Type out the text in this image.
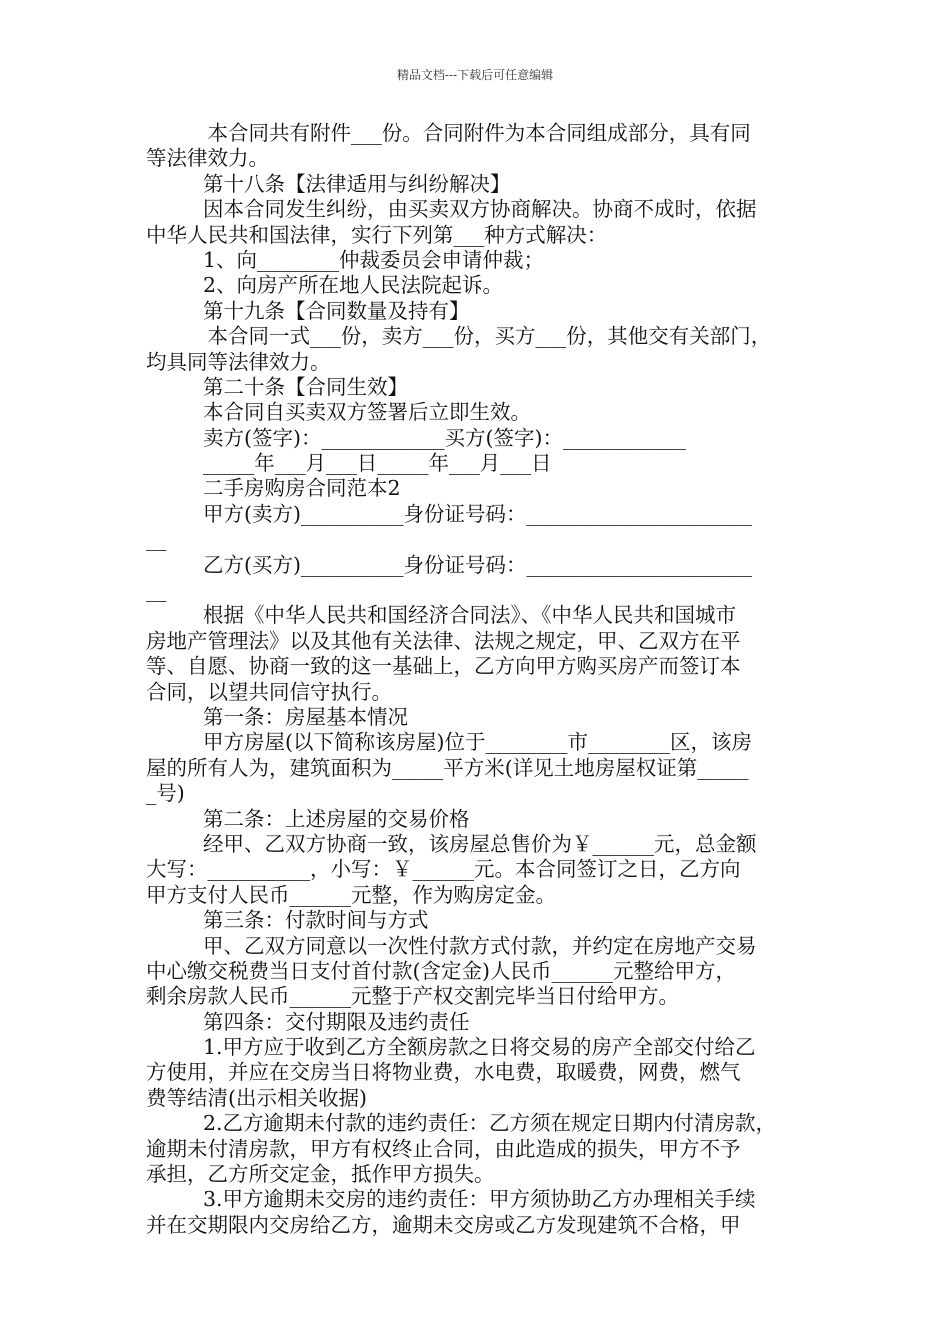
精品文档---下载后可任意编辑
本合同共有附件___份。合同附件为本合同组成部分，具有同
等法律效力。
第十八条【法律适用与纠纷解决】
因本合同发生纠纷，由买卖双方协商解决。协商不成时，依据
中华人民共和国法律，实行下列第___种方式解决：
1、向________仲裁委员会申请仲裁；
2、向房产所在地人民法院起诉。
第十九条【合同数量及持有】
本合同一式___份，卖方___份，买方___份，其他交有关部门，
均具同等法律效力。
第二十条【合同生效】
本合同自买卖双方签署后立即生效。
卖方(签字)：____________买方(签字)：____________
_____年___月___日_____年___月___日
二手房购房合同范本2
甲方(卖方)__________身份证号码：______________________
__
乙方(买方)__________身份证号码：______________________
__
根据《中华人民共和国经济合同法》、《中华人民共和国城市
房地产管理法》以及其他有关法律、法规之规定，甲、乙双方在平
等、自愿、协商一致的这一基础上，乙方向甲方购买房产而签订本
合同，以望共同信守执行。
第一条：房屋基本情况
甲方房屋(以下简称该房屋)位于________市________区，该房
屋的所有人为，建筑面积为_____平方米(详见土地房屋权证第_____
_号)
第二条：上述房屋的交易价格
经甲、乙双方协商一致，该房屋总售价为￥______元，总金额
大写：__________，小写：￥______元。本合同签订之日，乙方向
甲方支付人民币______元整，作为购房定金。
第三条：付款时间与方式
甲、乙双方同意以一次性付款方式付款，并约定在房地产交易
中心缴交税费当日支付首付款(含定金)人民币______元整给甲方，
剩余房款人民币______元整于产权交割完毕当日付给甲方。
第四条：交付期限及违约责任
1.甲方应于收到乙方全额房款之日将交易的房产全部交付给乙
方使用，并应在交房当日将物业费，水电费，取暖费，网费，燃气
费等结清(出示相关收据)
2.乙方逾期未付款的违约责任：乙方须在规定日期内付清房款，
逾期未付清房款，甲方有权终止合同，由此造成的损失，甲方不予
承担，乙方所交定金，抵作甲方损失。
3.甲方逾期未交房的违约责任：甲方须协助乙方办理相关手续
并在交期限内交房给乙方，逾期未交房或乙方发现建筑不合格，甲
